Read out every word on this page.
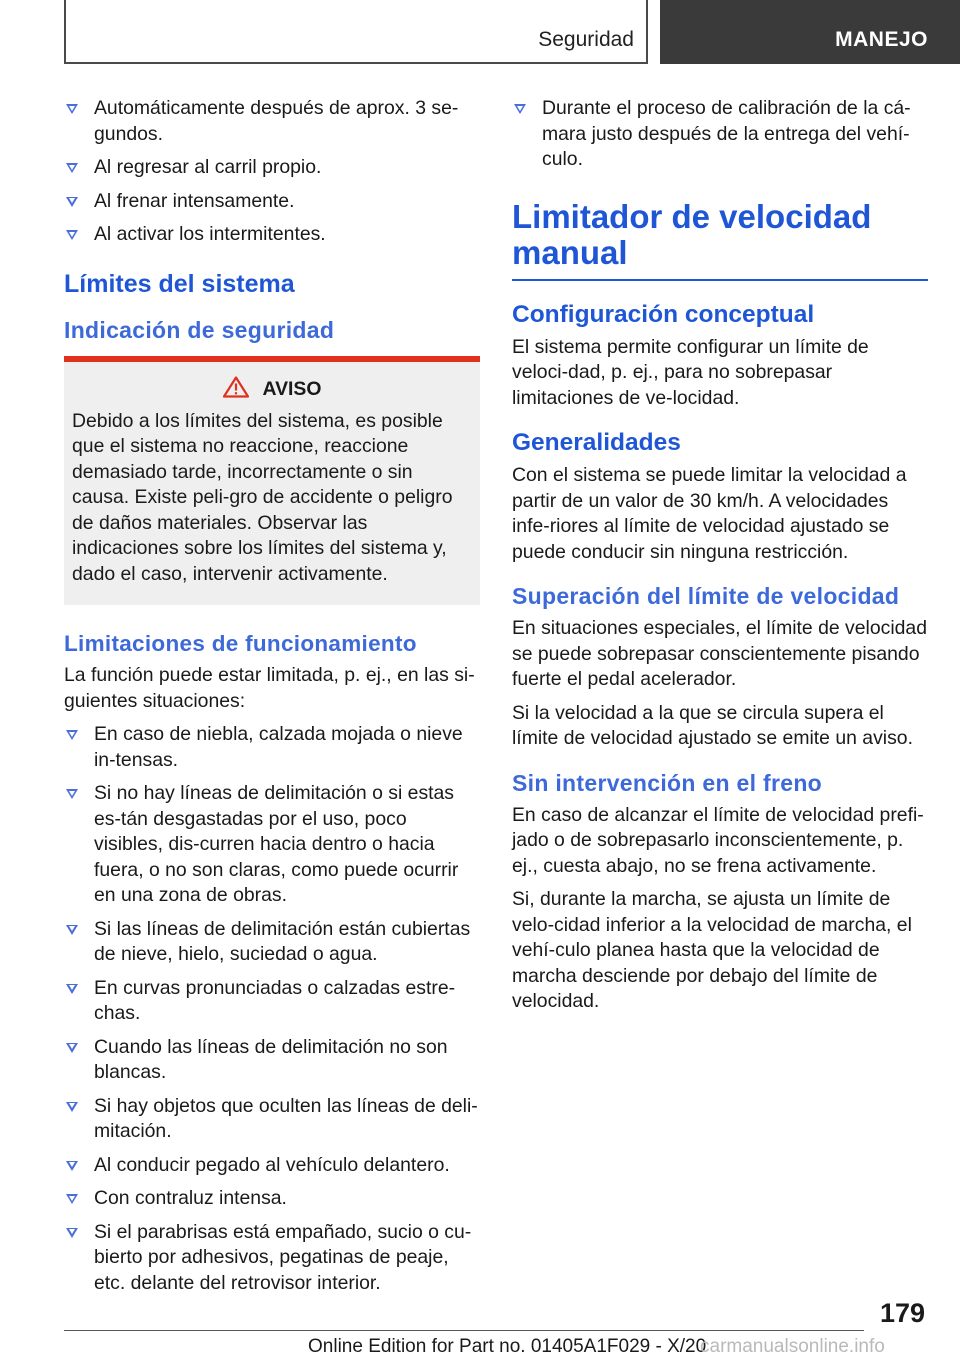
Seguridad	MANEJO
Automáticamente después de aprox. 3 se‐gundos.
Al regresar al carril propio.
Al frenar intensamente.
Al activar los intermitentes.
Límites del sistema
Indicación de seguridad
AVISO

Debido a los límites del sistema, es posible que el sistema no reaccione, reaccione demasiado tarde, incorrectamente o sin causa. Existe peli‐gro de accidente o peligro de daños materiales. Observar las indicaciones sobre los límites del sistema y, dado el caso, intervenir activamente.

Limitaciones de funcionamiento

La función puede estar limitada, p. ej., en las si‐guientes situaciones:

En caso de niebla, calzada mojada o nieve in‐tensas.
Si no hay líneas de delimitación o si estas es‐tán desgastadas por el uso, poco visibles, dis‐curren hacia dentro o hacia fuera, o no son claras, como puede ocurrir en una zona de obras.
Si las líneas de delimitación están cubiertas de nieve, hielo, suciedad o agua.
En curvas pronunciadas o calzadas estre‐chas.
Cuando las líneas de delimitación no son blancas.
Si hay objetos que oculten las líneas de deli‐mitación.
Al conducir pegado al vehículo delantero.
Con contraluz intensa.
Si el parabrisas está empañado, sucio o cu‐bierto por adhesivos, pegatinas de peaje, etc. delante del retrovisor interior.
Durante el proceso de calibración de la cá‐mara justo después de la entrega del vehí‐culo.
Limitador de velocidad manual
Configuración conceptual

El sistema permite configurar un límite de veloci‐dad, p. ej., para no sobrepasar limitaciones de ve‐locidad.

Generalidades

Con el sistema se puede limitar la velocidad a partir de un valor de 30 km/h. A velocidades infe‐riores al límite de velocidad ajustado se puede conducir sin ninguna restricción.

Superación del límite de velocidad

En situaciones especiales, el límite de velocidad se puede sobrepasar conscientemente pisando fuerte el pedal acelerador.

Si la velocidad a la que se circula supera el límite de velocidad ajustado se emite un aviso.

Sin intervención en el freno

En caso de alcanzar el límite de velocidad prefi‐jado o de sobrepasarlo inconscientemente, p. ej., cuesta abajo, no se frena activamente.

Si, durante la marcha, se ajusta un límite de velo‐cidad inferior a la velocidad de marcha, el vehí‐culo planea hasta que la velocidad de marcha desciende por debajo del límite de velocidad.

179
Online Edition for Part no. 01405A1F029 - X/20
carmanualsonline.info
